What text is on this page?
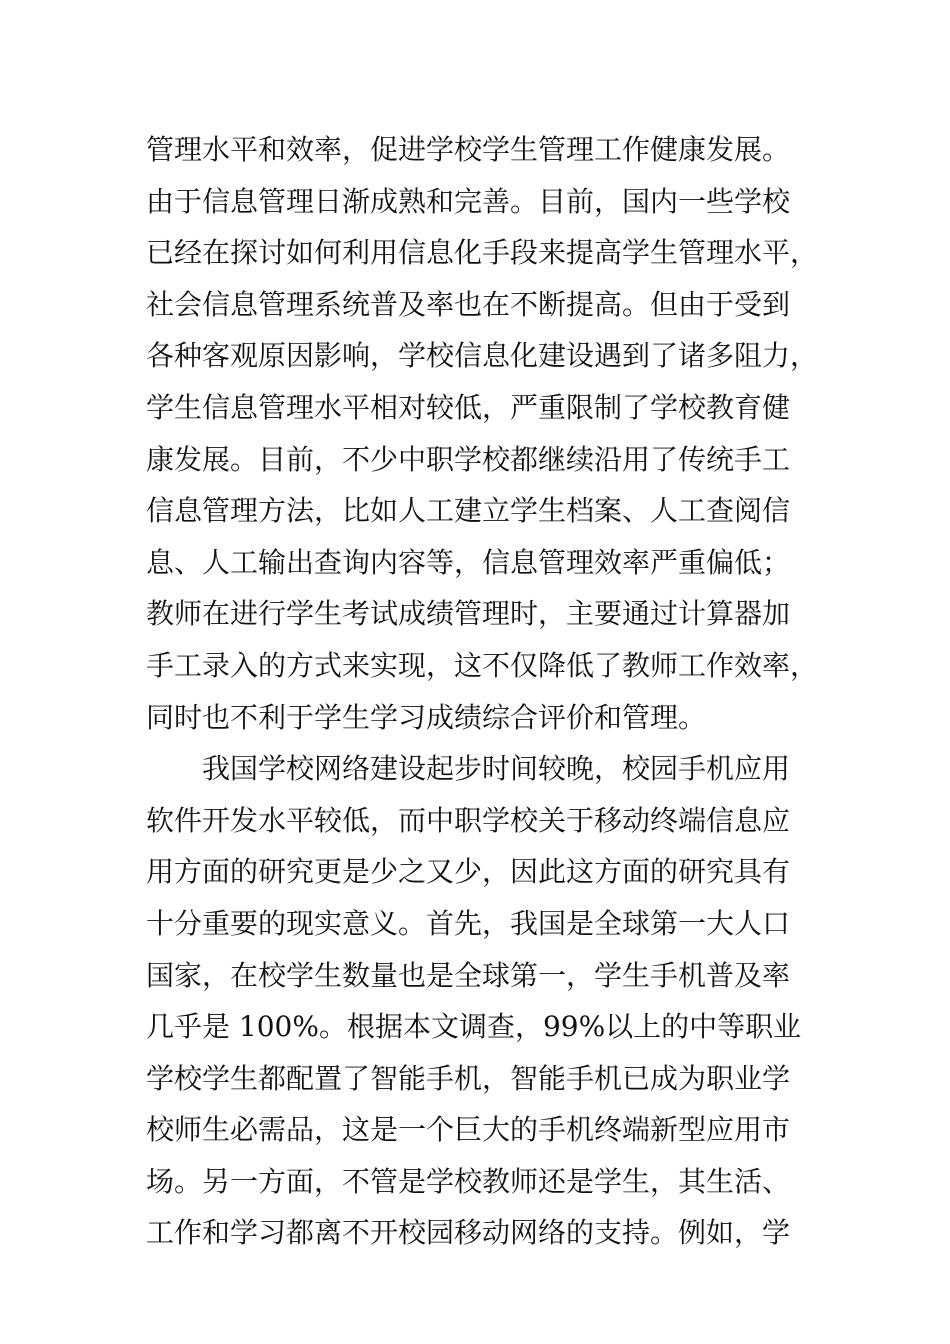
管理水平和效率，促进学校学生管理工作健康发展。
由于信息管理日渐成熟和完善。目前，国内一些学校
已经在探讨如何利用信息化手段来提高学生管理水平，
社会信息管理系统普及率也在不断提高。但由于受到
各种客观原因影响，学校信息化建设遇到了诸多阻力，
学生信息管理水平相对较低，严重限制了学校教育健
康发展。目前，不少中职学校都继续沿用了传统手工
信息管理方法，比如人工建立学生档案、人工查阅信
息、人工输出查询内容等，信息管理效率严重偏低；
教师在进行学生考试成绩管理时，主要通过计算器加
手工录入的方式来实现，这不仅降低了教师工作效率，
同时也不利于学生学习成绩综合评价和管理。
我国学校网络建设起步时间较晚，校园手机应用
软件开发水平较低，而中职学校关于移动终端信息应
用方面的研究更是少之又少，因此这方面的研究具有
十分重要的现实意义。首先，我国是全球第一大人口
国家，在校学生数量也是全球第一，学生手机普及率
几乎是 100%。根据本文调查，99%以上的中等职业
学校学生都配置了智能手机，智能手机已成为职业学
校师生必需品，这是一个巨大的手机终端新型应用市
场。另一方面，不管是学校教师还是学生，其生活、
工作和学习都离不开校园移动网络的支持。例如，学
